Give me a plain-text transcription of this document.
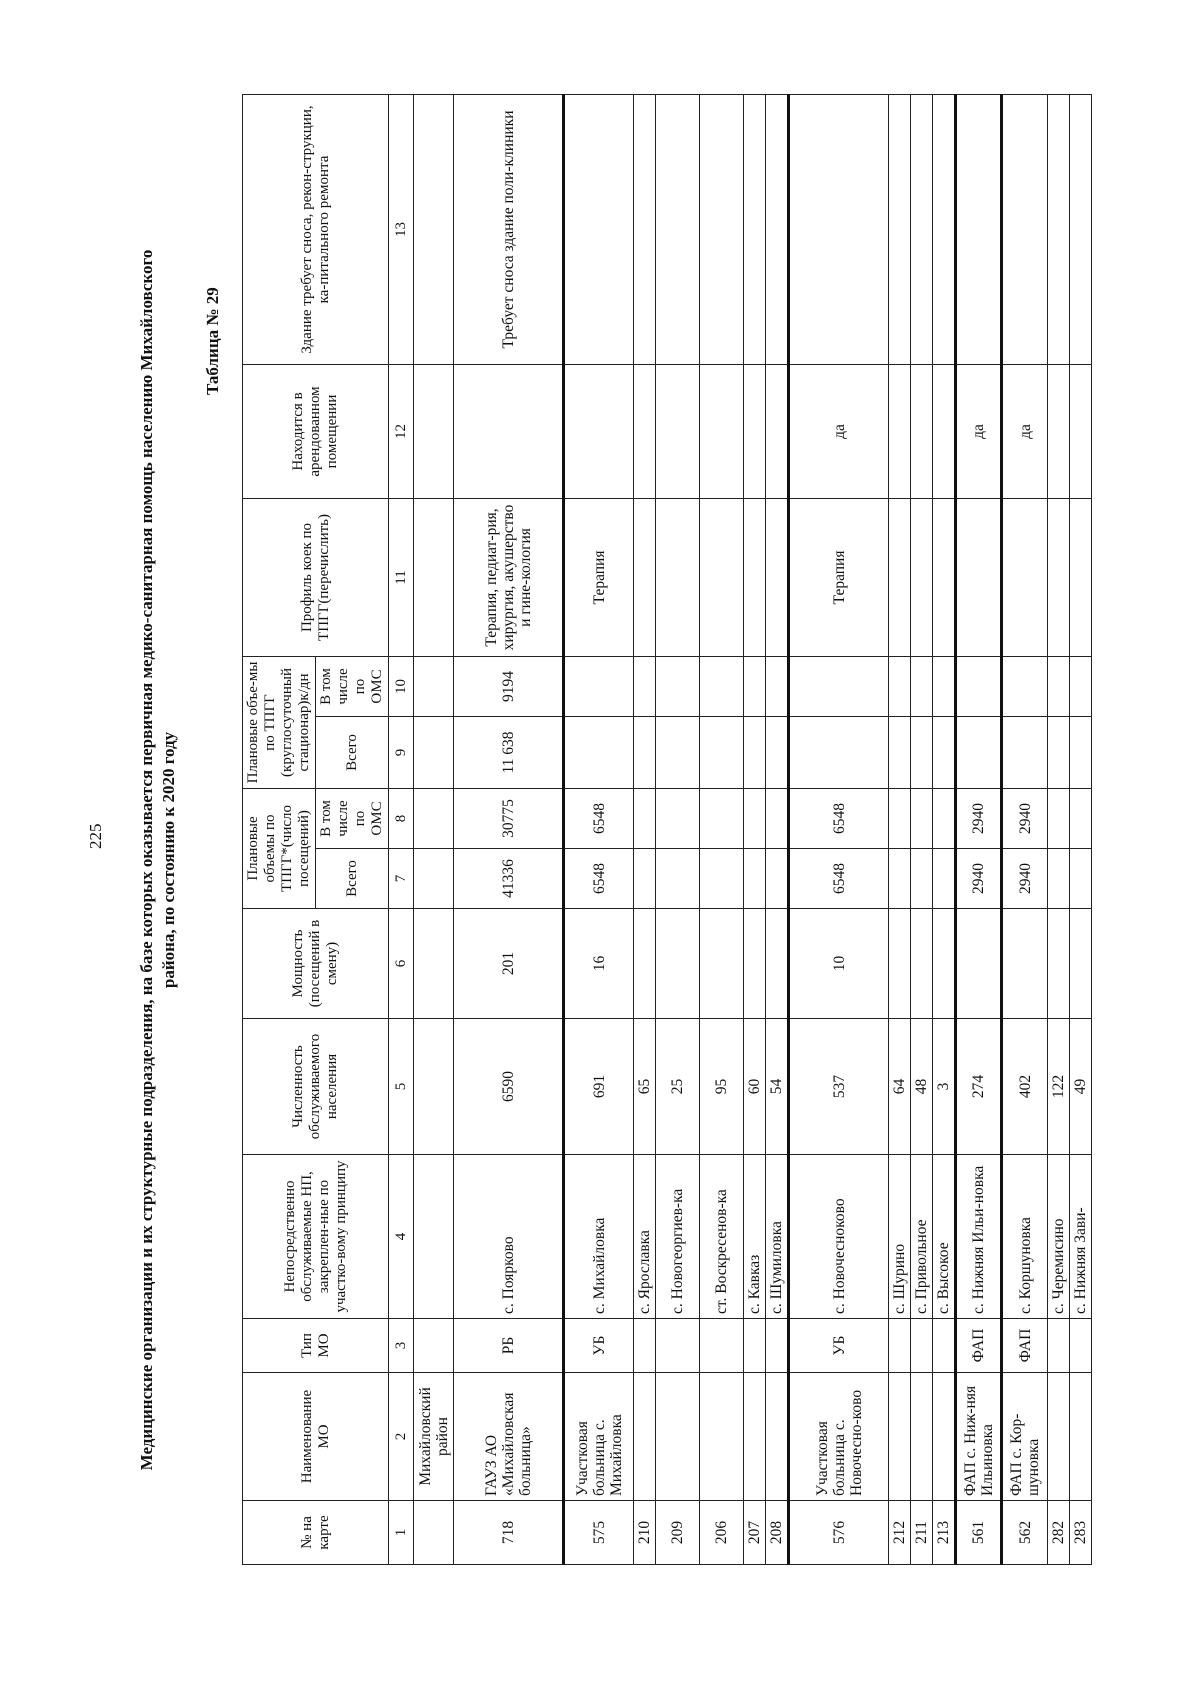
225 Медицинские организации и их структурные подразделения, на базе которых оказывается первичная медико-санитарная помощь населению Михайловского района, по состоянию к 2020 году
Таблица № 29
№ на карте	Наименование МО	Тип МО	Непосредственно обслуживаемые НП, закреплен-ные по участко-вому принципу	Численность обслуживаемого населения	Мощность (посещений в смену)	Плановые объемы по ТПГГ*(число посещений)		Плановые объе-мы по ТПГГ (круглосуточный стационар)к/дн		Профиль коек по ТПГГ(перечислить)	Находится в арендованном помещении	Здание требует сноса, рекон-струкции, ка-питального ремонта
						Всего	В том числе по ОМС	Всего	В том числе по ОМС			
1	2	3	4	5	6	7	8	9	10	11	12	13
	Михайловский район											
718	ГАУЗ АО «Михайловская больница»	РБ	с. Поярково	6590	201	41336	30775	11 638	9194	Терапия, педиат-рия, хирургия, акушерство и гине-кология		Требует сноса здание поли-клиники
575	Участковая больница с. Михайловка	УБ	с. Михайловка	691	16	6548	6548			Терапия		
210			с. Ярославка	65								
209			с. Новогеоргиев-ка	25								
206			ст. Воскресенов-ка	95								
207			с. Кавказ	60								
208			с. Шумиловка	54								
576	Участковая больница с. Новочесно-ково	УБ	с. Новочесноково	537	10	6548	6548			Терапия	да	
212			с. Шурино	64								
211			с. Привольное	48								
213			с. Высокое	3								
561	ФАП с. Ниж-няя Ильиновка	ФАП	с. Нижняя Ильи-новка	274		2940	2940				да	
562	ФАП с. Кор-шуновка	ФАП	с. Коршуновка	402		2940	2940				да	
282			с. Черемисино	122								
283			с. Нижняя Зави-	49								
